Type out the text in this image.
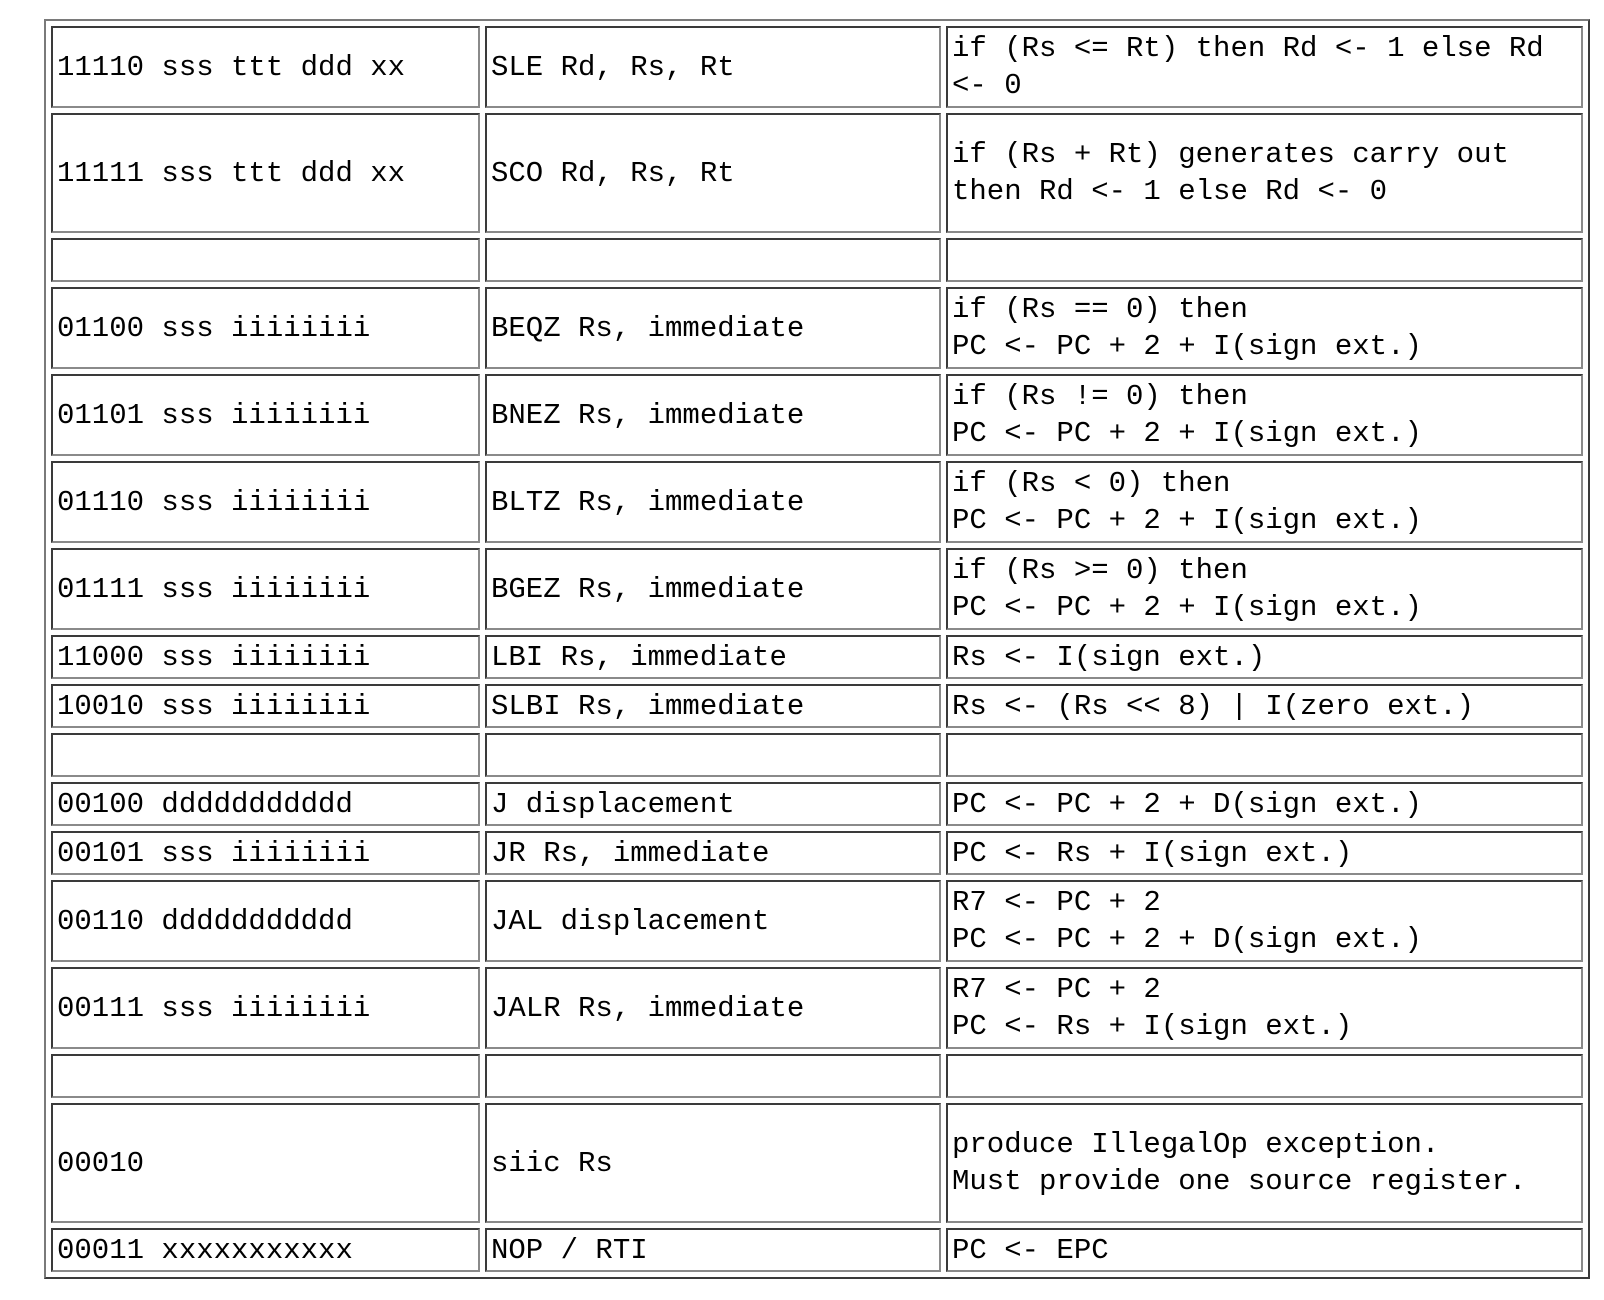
11110 sss ttt ddd xx	SLE Rd, Rs, Rt	if (Rs <= Rt) then Rd <- 1 else Rd <- 0
11111 sss ttt ddd xx	SCO Rd, Rs, Rt	if (Rs + Rt) generates carry out
then Rd <- 1 else Rd <- 0

01100 sss iiiiiiii	BEQZ Rs, immediate	if (Rs == 0) then
PC <- PC + 2 + I(sign ext.)
01101 sss iiiiiiii	BNEZ Rs, immediate	if (Rs != 0) then
PC <- PC + 2 + I(sign ext.)
01110 sss iiiiiiii	BLTZ Rs, immediate	if (Rs < 0) then
PC <- PC + 2 + I(sign ext.)
01111 sss iiiiiiii	BGEZ Rs, immediate	if (Rs >= 0) then
PC <- PC + 2 + I(sign ext.)
11000 sss iiiiiiii	LBI Rs, immediate	Rs <- I(sign ext.)
10010 sss iiiiiiii	SLBI Rs, immediate	Rs <- (Rs << 8) | I(zero ext.)

00100 ddddddddddd	J displacement	PC <- PC + 2 + D(sign ext.)
00101 sss iiiiiiii	JR Rs, immediate	PC <- Rs + I(sign ext.)
00110 ddddddddddd	JAL displacement	R7 <- PC + 2
PC <- PC + 2 + D(sign ext.)
00111 sss iiiiiiii	JALR Rs, immediate	R7 <- PC + 2
PC <- Rs + I(sign ext.)

00010	siic Rs	produce IllegalOp exception.
Must provide one source register.
00011 xxxxxxxxxxx	NOP / RTI	PC <- EPC
